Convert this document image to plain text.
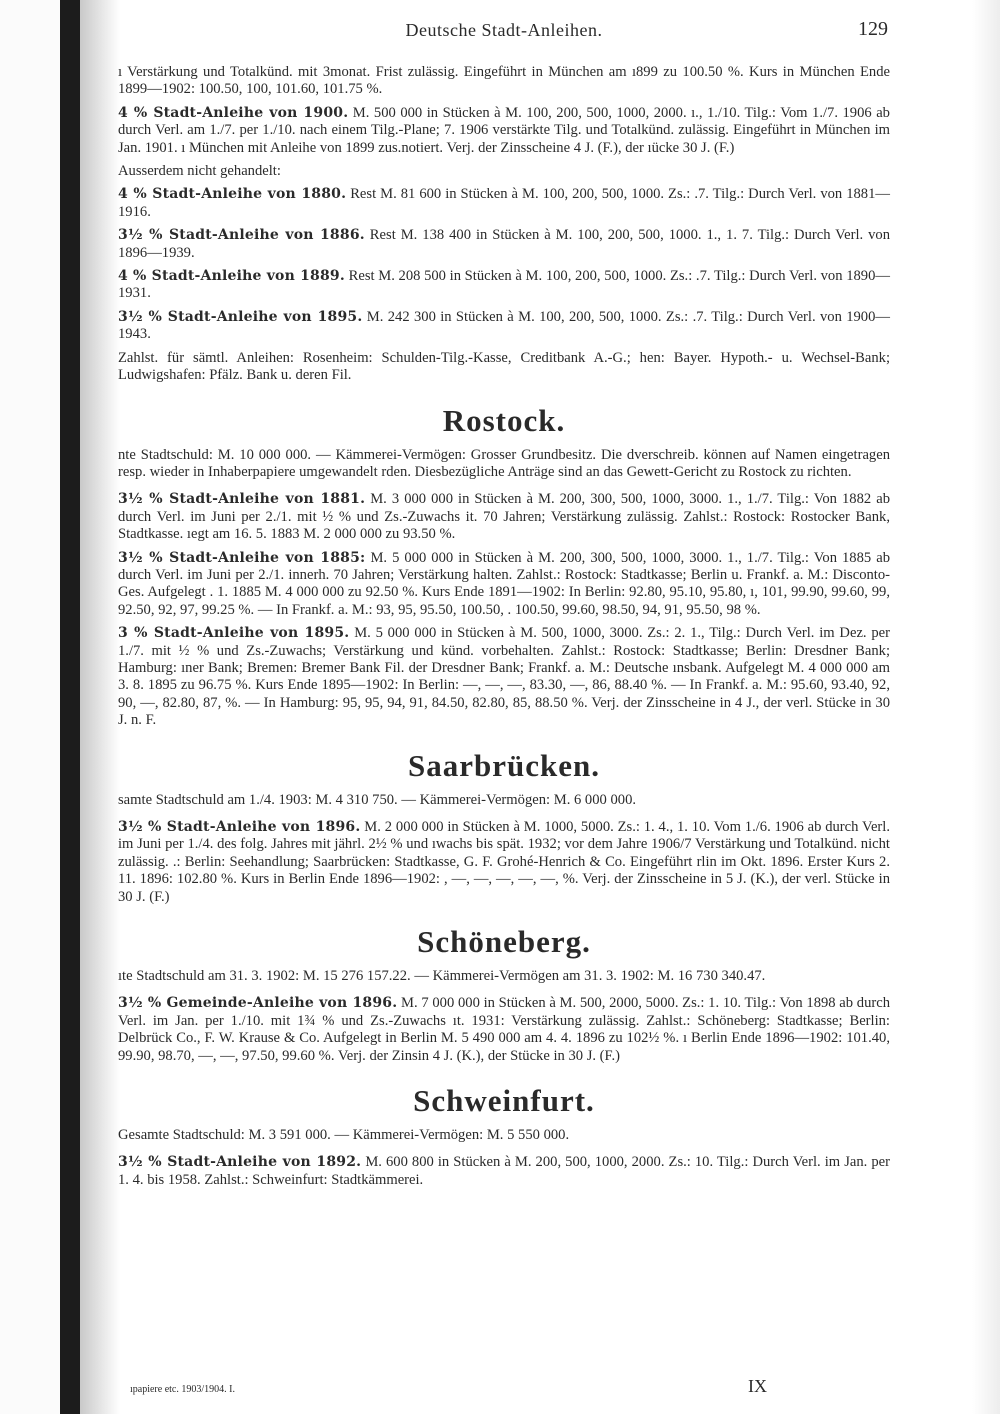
Deutsche Stadt-Anleihen.	129

ı Verstärkung und Totalkünd. mit 3monat. Frist zulässig. Eingeführt in München am ı899 zu 100.50 %. Kurs in München Ende 1899—1902: 100.50, 100, 101.60, 101.75 %.

4 % Stadt-Anleihe von 1900. M. 500 000 in Stücken à M. 100, 200, 500, 1000, 2000. ı., 1./10. Tilg.: Vom 1./7. 1906 ab durch Verl. am 1./7. per 1./10. nach einem Tilg.-Plane; 7. 1906 verstärkte Tilg. und Totalkünd. zulässig. Eingeführt in München im Jan. 1901. ı München mit Anleihe von 1899 zus.notiert. Verj. der Zinsscheine 4 J. (F.), der ıücke 30 J. (F.)

Ausserdem nicht gehandelt:

4 % Stadt-Anleihe von 1880. Rest M. 81 600 in Stücken à M. 100, 200, 500, 1000. Zs.: .7. Tilg.: Durch Verl. von 1881—1916.

3½ % Stadt-Anleihe von 1886. Rest M. 138 400 in Stücken à M. 100, 200, 500, 1000. 1., 1. 7. Tilg.: Durch Verl. von 1896—1939.

4 % Stadt-Anleihe von 1889. Rest M. 208 500 in Stücken à M. 100, 200, 500, 1000. Zs.: .7. Tilg.: Durch Verl. von 1890—1931.

3½ % Stadt-Anleihe von 1895. M. 242 300 in Stücken à M. 100, 200, 500, 1000. Zs.: .7. Tilg.: Durch Verl. von 1900—1943.

Zahlst. für sämtl. Anleihen: Rosenheim: Schulden-Tilg.-Kasse, Creditbank A.-G.; hen: Bayer. Hypoth.- u. Wechsel-Bank; Ludwigshafen: Pfälz. Bank u. deren Fil.

Rostock.

nte Stadtschuld: M. 10 000 000. — Kämmerei-Vermögen: Grosser Grundbesitz. Die dverschreib. können auf Namen eingetragen resp. wieder in Inhaberpapiere umgewandelt rden. Diesbezügliche Anträge sind an das Gewett-Gericht zu Rostock zu richten.

3½ % Stadt-Anleihe von 1881. M. 3 000 000 in Stücken à M. 200, 300, 500, 1000, 3000. 1., 1./7. Tilg.: Von 1882 ab durch Verl. im Juni per 2./1. mit ½ % und Zs.-Zuwachs it. 70 Jahren; Verstärkung zulässig. Zahlst.: Rostock: Rostocker Bank, Stadtkasse. ıegt am 16. 5. 1883 M. 2 000 000 zu 93.50 %.

3½ % Stadt-Anleihe von 1885: M. 5 000 000 in Stücken à M. 200, 300, 500, 1000, 3000. 1., 1./7. Tilg.: Von 1885 ab durch Verl. im Juni per 2./1. innerh. 70 Jahren; Verstärkung halten. Zahlst.: Rostock: Stadtkasse; Berlin u. Frankf. a. M.: Disconto-Ges. Aufgelegt . 1. 1885 M. 4 000 000 zu 92.50 %. Kurs Ende 1891—1902: In Berlin: 92.80, 95.10, 95.80, ı, 101, 99.90, 99.60, 99, 92.50, 92, 97, 99.25 %. — In Frankf. a. M.: 93, 95, 95.50, 100.50, . 100.50, 99.60, 98.50, 94, 91, 95.50, 98 %.

3 % Stadt-Anleihe von 1895. M. 5 000 000 in Stücken à M. 500, 1000, 3000. Zs.: 2. 1., Tilg.: Durch Verl. im Dez. per 1./7. mit ½ % und Zs.-Zuwachs; Verstärkung und künd. vorbehalten. Zahlst.: Rostock: Stadtkasse; Berlin: Dresdner Bank; Hamburg: ıner Bank; Bremen: Bremer Bank Fil. der Dresdner Bank; Frankf. a. M.: Deutsche ınsbank. Aufgelegt M. 4 000 000 am 3. 8. 1895 zu 96.75 %. Kurs Ende 1895—1902: In Berlin: —, —, —, 83.30, —, 86, 88.40 %. — In Frankf. a. M.: 95.60, 93.40, 92, 90, —, 82.80, 87, %. — In Hamburg: 95, 95, 94, 91, 84.50, 82.80, 85, 88.50 %. Verj. der Zinsscheine in 4 J., der verl. Stücke in 30 J. n. F.

Saarbrücken.

samte Stadtschuld am 1./4. 1903: M. 4 310 750. — Kämmerei-Vermögen: M. 6 000 000.

3½ % Stadt-Anleihe von 1896. M. 2 000 000 in Stücken à M. 1000, 5000. Zs.: 1. 4., 1. 10. Vom 1./6. 1906 ab durch Verl. im Juni per 1./4. des folg. Jahres mit jährl. 2½ % und ıwachs bis spät. 1932; vor dem Jahre 1906/7 Verstärkung und Totalkünd. nicht zulässig. .: Berlin: Seehandlung; Saarbrücken: Stadtkasse, G. F. Grohé-Henrich & Co. Eingeführt rlin im Okt. 1896. Erster Kurs 2. 11. 1896: 102.80 %. Kurs in Berlin Ende 1896—1902: , —, —, —, —, —, %. Verj. der Zinsscheine in 5 J. (K.), der verl. Stücke in 30 J. (F.)

Schöneberg.

ıte Stadtschuld am 31. 3. 1902: M. 15 276 157.22. — Kämmerei-Vermögen am 31. 3. 1902: M. 16 730 340.47.

3½ % Gemeinde-Anleihe von 1896. M. 7 000 000 in Stücken à M. 500, 2000, 5000. Zs.: 1. 10. Tilg.: Von 1898 ab durch Verl. im Jan. per 1./10. mit 1¾ % und Zs.-Zuwachs ıt. 1931: Verstärkung zulässig. Zahlst.: Schöneberg: Stadtkasse; Berlin: Delbrück Co., F. W. Krause & Co. Aufgelegt in Berlin M. 5 490 000 am 4. 4. 1896 zu 102½ %. ı Berlin Ende 1896—1902: 101.40, 99.90, 98.70, —, —, 97.50, 99.60 %. Verj. der Zinsin 4 J. (K.), der Stücke in 30 J. (F.)

Schweinfurt.

Gesamte Stadtschuld: M. 3 591 000. — Kämmerei-Vermögen: M. 5 550 000.

3½ % Stadt-Anleihe von 1892. M. 600 800 in Stücken à M. 200, 500, 1000, 2000. Zs.: 10. Tilg.: Durch Verl. im Jan. per 1. 4. bis 1958. Zahlst.: Schweinfurt: Stadtkämmerei.

ıpapiere etc. 1903/1904. I.	IX
